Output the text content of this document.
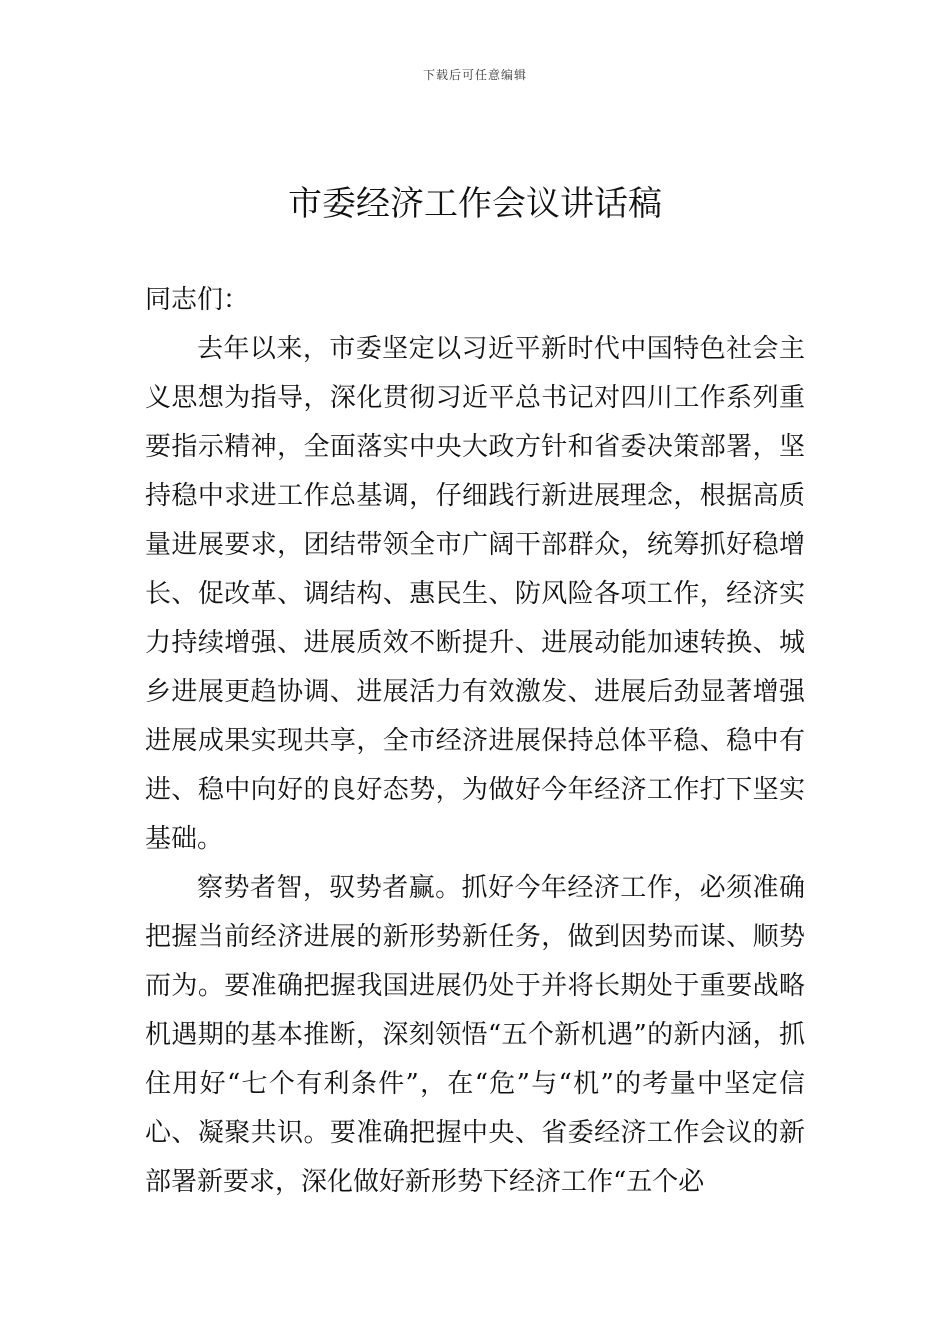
下载后可任意编辑
市委经济工作会议讲话稿

同志们：

去年以来，市委坚定以习近平新时代中国特色社会主义思想为指导，深化贯彻习近平总书记对四川工作系列重要指示精神，全面落实中央大政方针和省委决策部署，坚持稳中求进工作总基调，仔细践行新进展理念，根据高质量进展要求，团结带领全市广阔干部群众，统筹抓好稳增长、促改革、调结构、惠民生、防风险各项工作，经济实力持续增强、进展质效不断提升、进展动能加速转换、城乡进展更趋协调、进展活力有效激发、进展后劲显著增强进展成果实现共享，全市经济进展保持总体平稳、稳中有进、稳中向好的良好态势，为做好今年经济工作打下坚实基础。

察势者智，驭势者赢。抓好今年经济工作，必须准确把握当前经济进展的新形势新任务，做到因势而谋、顺势而为。要准确把握我国进展仍处于并将长期处于重要战略机遇期的基本推断，深刻领悟“五个新机遇”的新内涵，抓住用好“七个有利条件”，在“危”与“机”的考量中坚定信心、凝聚共识。要准确把握中央、省委经济工作会议的新部署新要求，深化做好新形势下经济工作“五个必
